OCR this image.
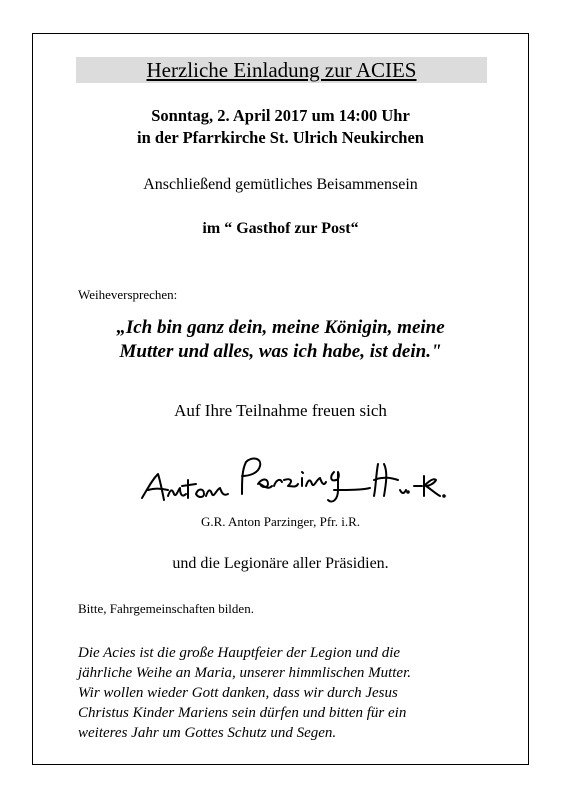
Herzliche Einladung zur ACIES
Sonntag, 2. April 2017 um 14:00 Uhr
in der Pfarrkirche St. Ulrich Neukirchen
Anschließend gemütliches Beisammensein
im “ Gasthof zur Post“
Weiheversprechen:
„Ich bin ganz dein, meine Königin, meine
Mutter und alles, was ich habe, ist dein."
Auf Ihre Teilnahme freuen sich
G.R. Anton Parzinger, Pfr. i.R.
und die Legionäre aller Präsidien.
Bitte, Fahrgemeinschaften bilden.
Die Acies ist die große Hauptfeier der Legion und die
jährliche Weihe an Maria, unserer himmlischen Mutter.
Wir wollen wieder Gott danken, dass wir durch Jesus
Christus Kinder Mariens sein dürfen und bitten für ein
weiteres Jahr um Gottes Schutz und Segen.
